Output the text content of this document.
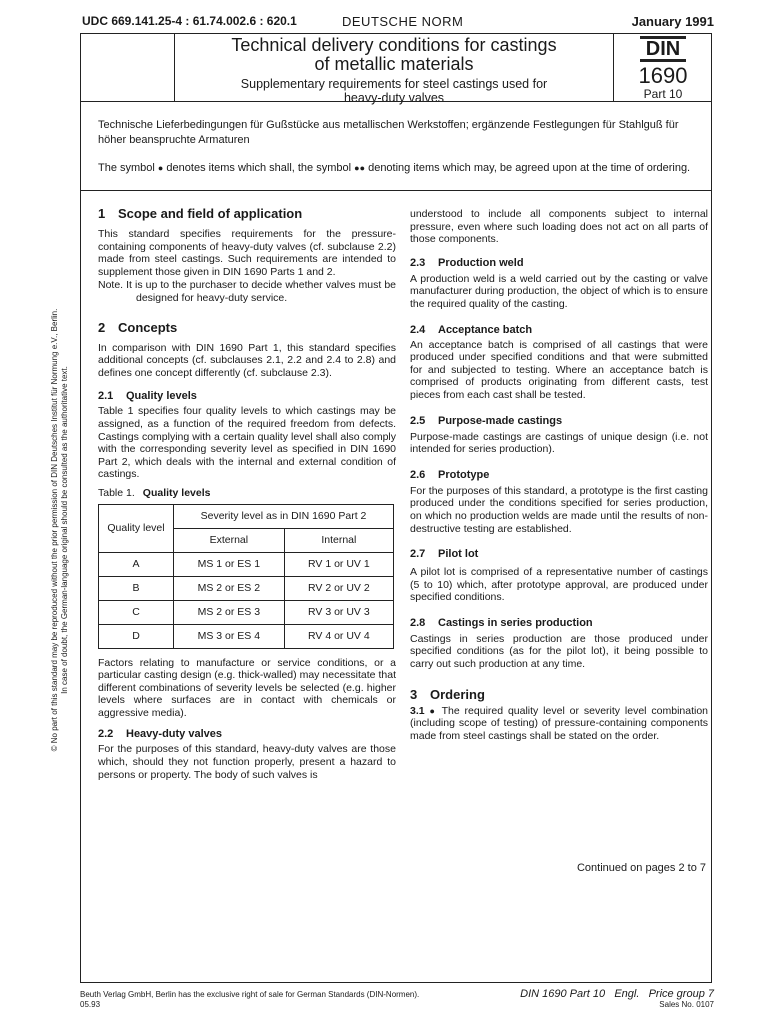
UDC 669.141.25-4 : 61.74.002.6 : 620.1	DEUTSCHE NORM	January 1991
Technical delivery conditions for castings
of metallic materials
Supplementary requirements for steel castings used for
heavy-duty valves
DIN
1690
Part 10
Technische Lieferbedingungen für Gußstücke aus metallischen Werkstoffen; ergänzende Festlegungen für Stahlguß für höher beanspruchte Armaturen
The symbol ● denotes items which shall, the symbol ●● denoting items which may, be agreed upon at the time of ordering.
1 Scope and field of application

This standard specifies requirements for the pressure-containing components of heavy-duty valves (cf. subclause 2.2) made from steel castings. Such requirements are intended to supplement those given in DIN 1690 Parts 1 and 2.

Note. It is up to the purchaser to decide whether valves must be designed for heavy-duty service.

2 Concepts

In comparison with DIN 1690 Part 1, this standard specifies additional concepts (cf. subclauses 2.1, 2.2 and 2.4 to 2.8) and defines one concept differently (cf. subclause 2.3).

2.1 Quality levels

Table 1 specifies four quality levels to which castings may be assigned, as a function of the required freedom from defects. Castings complying with a certain quality level shall also comply with the corresponding severity level as specified in DIN 1690 Part 2, which deals with the internal and external condition of castings.

Table 1. Quality levels
Quality level	Severity level as in DIN 1690 Part 2	
	External	Internal
A	MS 1 or ES 1	RV 1 or UV 1
B	MS 2 or ES 2	RV 2 or UV 2
C	MS 2 or ES 3	RV 3 or UV 3
D	MS 3 or ES 4	RV 4 or UV 4

Factors relating to manufacture or service conditions, or a particular casting design (e.g. thick-walled) may necessitate that different combinations of severity levels be selected (e.g. higher levels where surfaces are in contact with chemicals or aggressive media).

2.2 Heavy-duty valves

For the purposes of this standard, heavy-duty valves are those which, should they not function properly, present a hazard to persons or property. The body of such valves is

understood to include all components subject to internal pressure, even where such loading does not act on all parts of those components.

2.3 Production weld

A production weld is a weld carried out by the casting or valve manufacturer during production, the object of which is to ensure the required quality of the casting.

2.4 Acceptance batch

An acceptance batch is comprised of all castings that were produced under specified conditions and that were submitted for and subjected to testing. Where an acceptance batch is comprised of products originating from different casts, test pieces from each cast shall be tested.

2.5 Purpose-made castings

Purpose-made castings are castings of unique design (i.e. not intended for series production).

2.6 Prototype

For the purposes of this standard, a prototype is the first casting produced under the conditions specified for series production, on which no production welds are made until the results of non-destructive testing are established.

2.7 Pilot lot

A pilot lot is comprised of a representative number of castings (5 to 10) which, after prototype approval, are produced under specified conditions.

2.8 Castings in series production

Castings in series production are those produced under specified conditions (as for the pilot lot), it being possible to carry out such production at any time.

3 Ordering

3.1 ● The required quality level or severity level combination (including scope of testing) of pressure-containing components made from steel castings shall be stated on the order.

Continued on pages 2 to 7
© No part of this standard may be reproduced without the prior permission of DIN Deutsches Institut für Normung e.V., Berlin. In case of doubt, the German-language original should be consulted as the authoritative text.
Beuth Verlag GmbH, Berlin has the exclusive right of sale for German Standards (DIN-Normen).
05.93
DIN 1690 Part 10 Engl. Price group 7
Sales No. 0107
